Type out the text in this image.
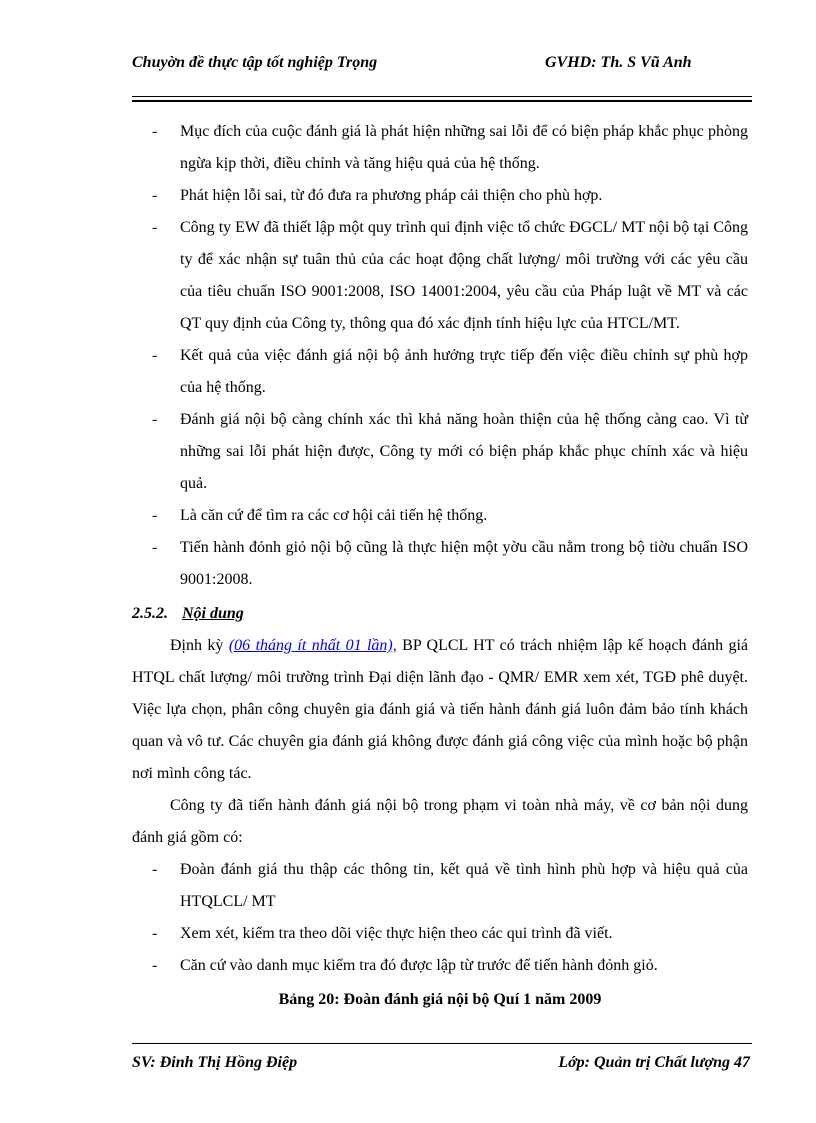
Chuyờn đề thực tập tốt nghiệp Trọng	GVHD: Th. S Vũ Anh
- Mục đích của cuộc đánh giá là phát hiện những sai lỗi để có biện pháp khắc phục phòng ngừa kịp thời, điều chỉnh và tăng hiệu quả của hệ thống.
- Phát hiện lỗi sai, từ đó đưa ra phương pháp cải thiện cho phù hợp.
- Công ty EW đã thiết lập một quy trình qui định việc tổ chức ĐGCL/ MT nội bộ tại Công ty để xác nhận sự tuân thủ của các hoạt động chất lượng/ môi trường với các yêu cầu của tiêu chuẩn ISO 9001:2008, ISO 14001:2004, yêu cầu của Pháp luật về MT và các QT quy định của Công ty, thông qua đó xác định tính hiệu lực của HTCL/MT.
- Kết quả của việc đánh giá nội bộ ảnh hưởng trực tiếp đến việc điều chỉnh sự phù hợp của hệ thống.
- Đánh giá nội bộ càng chính xác thì khả năng hoàn thiện của hệ thống càng cao. Vì từ những sai lỗi phát hiện được, Công ty mới có biện pháp khắc phục chính xác và hiệu quả.
- Là căn cứ để tìm ra các cơ hội cải tiến hệ thống.
- Tiến hành đỏnh giỏ nội bộ cũng là thực hiện một yờu cầu nằm trong bộ tiờu chuẩn ISO 9001:2008.
2.5.2. Nội dung
Định kỳ (06 tháng ít nhất 01 lần), BP QLCL HT có trách nhiệm lập kế hoạch đánh giá HTQL chất lượng/ môi trường trình Đại diện lãnh đạo - QMR/ EMR xem xét, TGĐ phê duyệt. Việc lựa chọn, phân công chuyên gia đánh giá và tiến hành đánh giá luôn đảm bảo tính khách quan và vô tư. Các chuyên gia đánh giá không được đánh giá công việc của mình hoặc bộ phận nơi mình công tác.
Công ty đã tiến hành đánh giá nội bộ trong phạm vi toàn nhà máy, về cơ bản nội dung đánh giá gồm có:
- Đoàn đánh giá thu thập các thông tin, kết quả về tình hình phù hợp và hiệu quả của HTQLCL/ MT
- Xem xét, kiểm tra theo dõi việc thực hiện theo các qui trình đã viết.
- Căn cứ vào danh mục kiểm tra đó được lập từ trước để tiến hành đỏnh giỏ.
Bảng 20: Đoàn đánh giá nội bộ Quí 1 năm 2009
SV: Đinh Thị Hồng Điệp	Lớp: Quản trị Chất lượng 47
